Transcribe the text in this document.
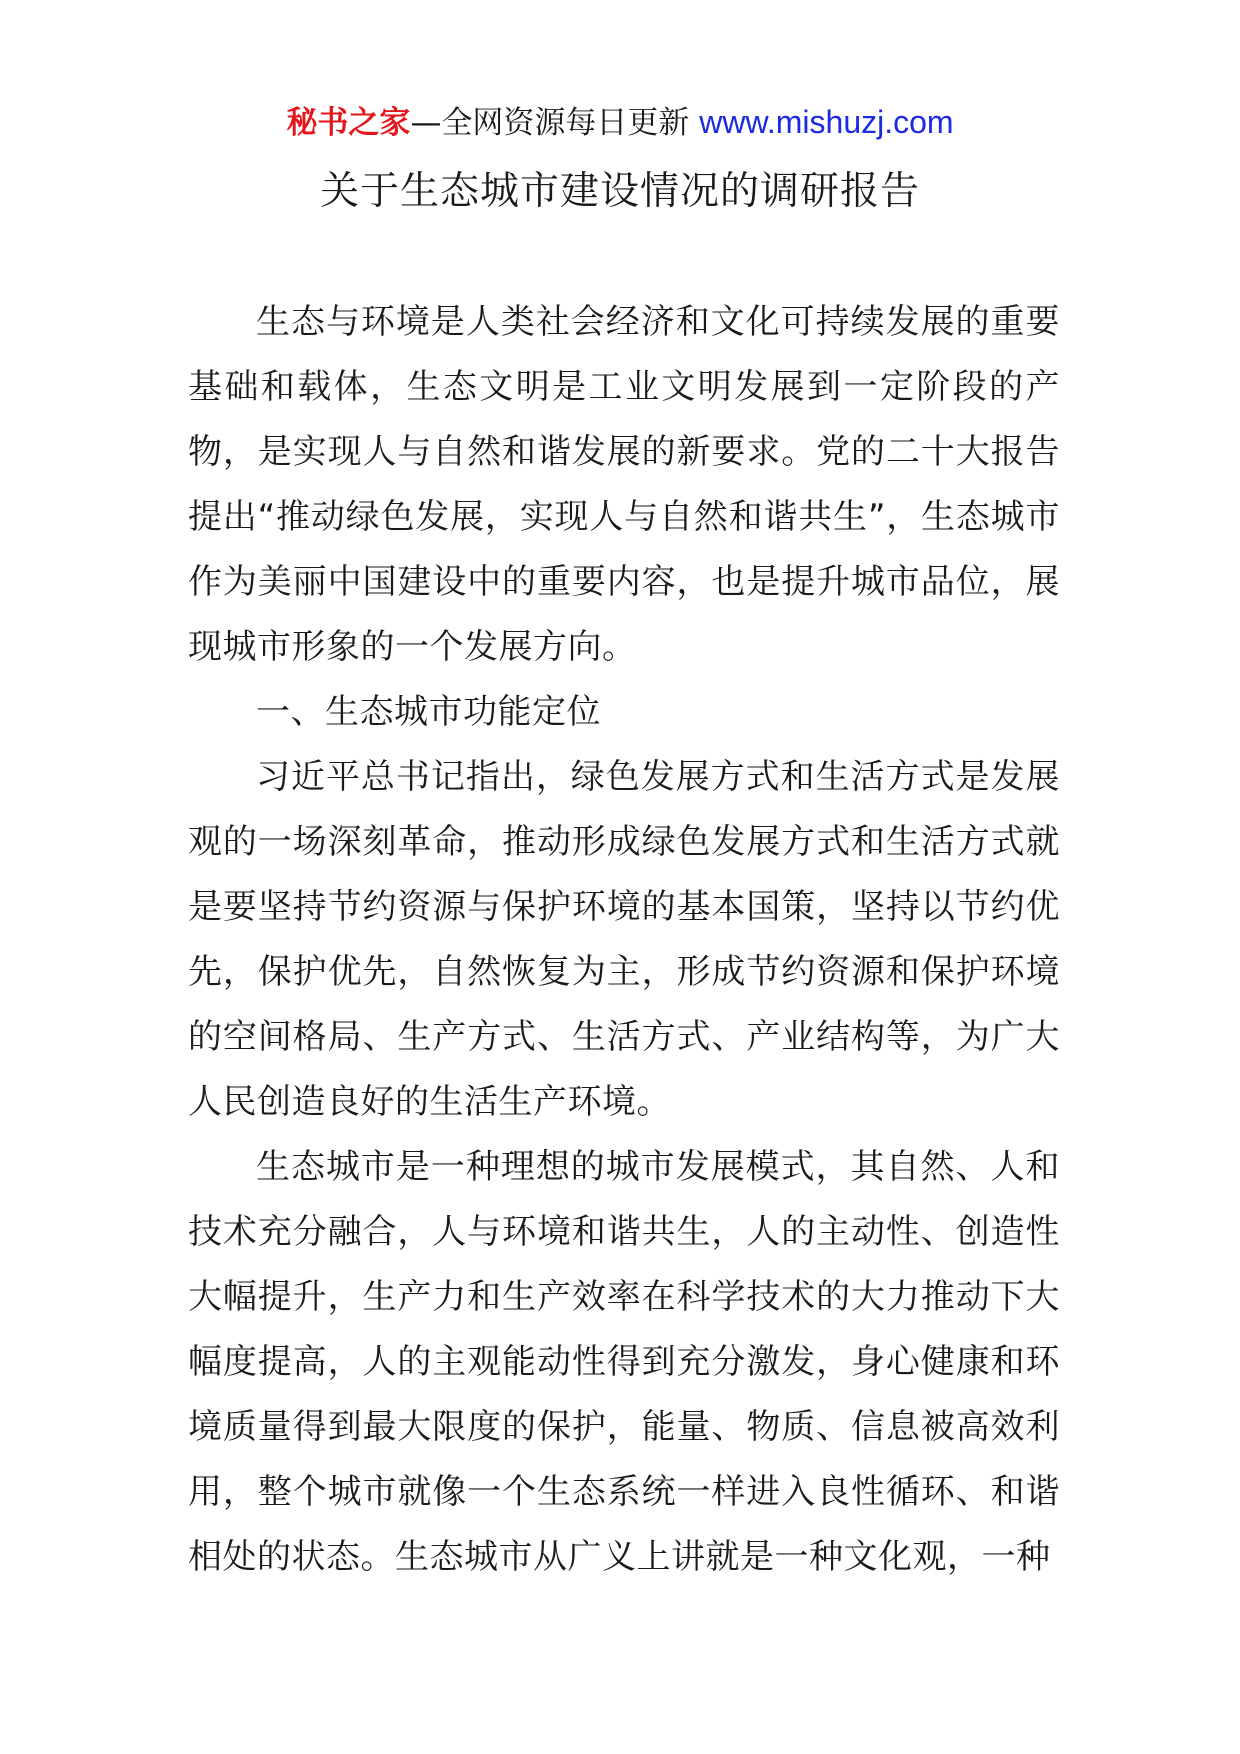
秘书之家—全网资源每日更新 www.mishuzj.com
关于生态城市建设情况的调研报告

生态与环境是人类社会经济和文化可持续发展的重要基础和载体，生态文明是工业文明发展到一定阶段的产物，是实现人与自然和谐发展的新要求。党的二十大报告提出“推动绿色发展，实现人与自然和谐共生”，生态城市作为美丽中国建设中的重要内容，也是提升城市品位，展现城市形象的一个发展方向。

一、生态城市功能定位

习近平总书记指出，绿色发展方式和生活方式是发展观的一场深刻革命，推动形成绿色发展方式和生活方式就是要坚持节约资源与保护环境的基本国策，坚持以节约优先，保护优先，自然恢复为主，形成节约资源和保护环境的空间格局、生产方式、生活方式、产业结构等，为广大人民创造良好的生活生产环境。

生态城市是一种理想的城市发展模式，其自然、人和技术充分融合，人与环境和谐共生，人的主动性、创造性大幅提升，生产力和生产效率在科学技术的大力推动下大幅度提高，人的主观能动性得到充分激发，身心健康和环境质量得到最大限度的保护，能量、物质、信息被高效利用，整个城市就像一个生态系统一样进入良性循环、和谐相处的状态。生态城市从广义上讲就是一种文化观，一种
